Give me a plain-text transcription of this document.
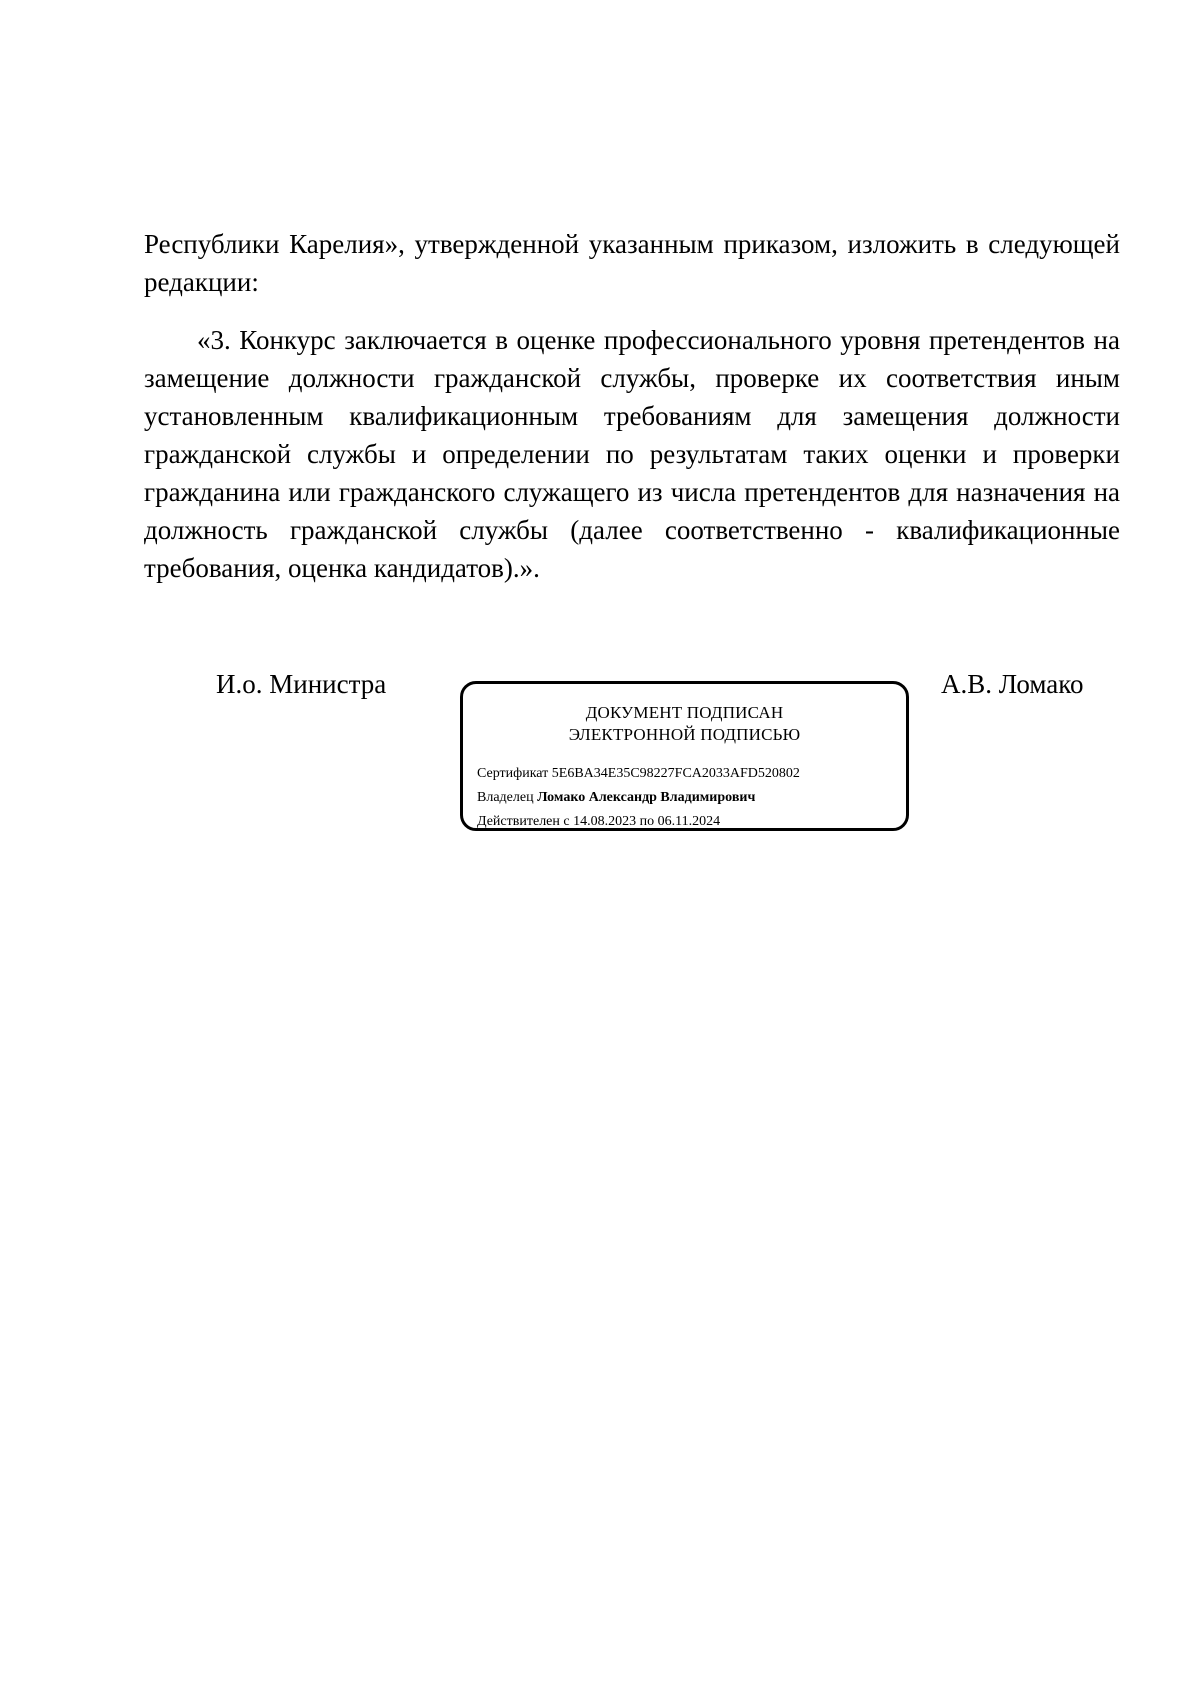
Республики Карелия», утвержденной указанным приказом, изложить в следующей редакции:

«3. Конкурс заключается в оценке профессионального уровня претендентов на замещение должности гражданской службы, проверке их соответствия иным установленным квалификационным требованиям для замещения должности гражданской службы и определении по результатам таких оценки и проверки гражданина или гражданского служащего из числа претендентов для назначения на должность гражданской службы (далее соответственно - квалификационные требования, оценка кандидатов).».

И.о. Министра
ДОКУМЕНТ ПОДПИСАН
ЭЛЕКТРОННОЙ ПОДПИСЬЮ
Сертификат 5E6BA34E35C98227FCA2033AFD520802
Владелец Ломако Александр Владимирович
Действителен с 14.08.2023 по 06.11.2024
А.В. Ломако
